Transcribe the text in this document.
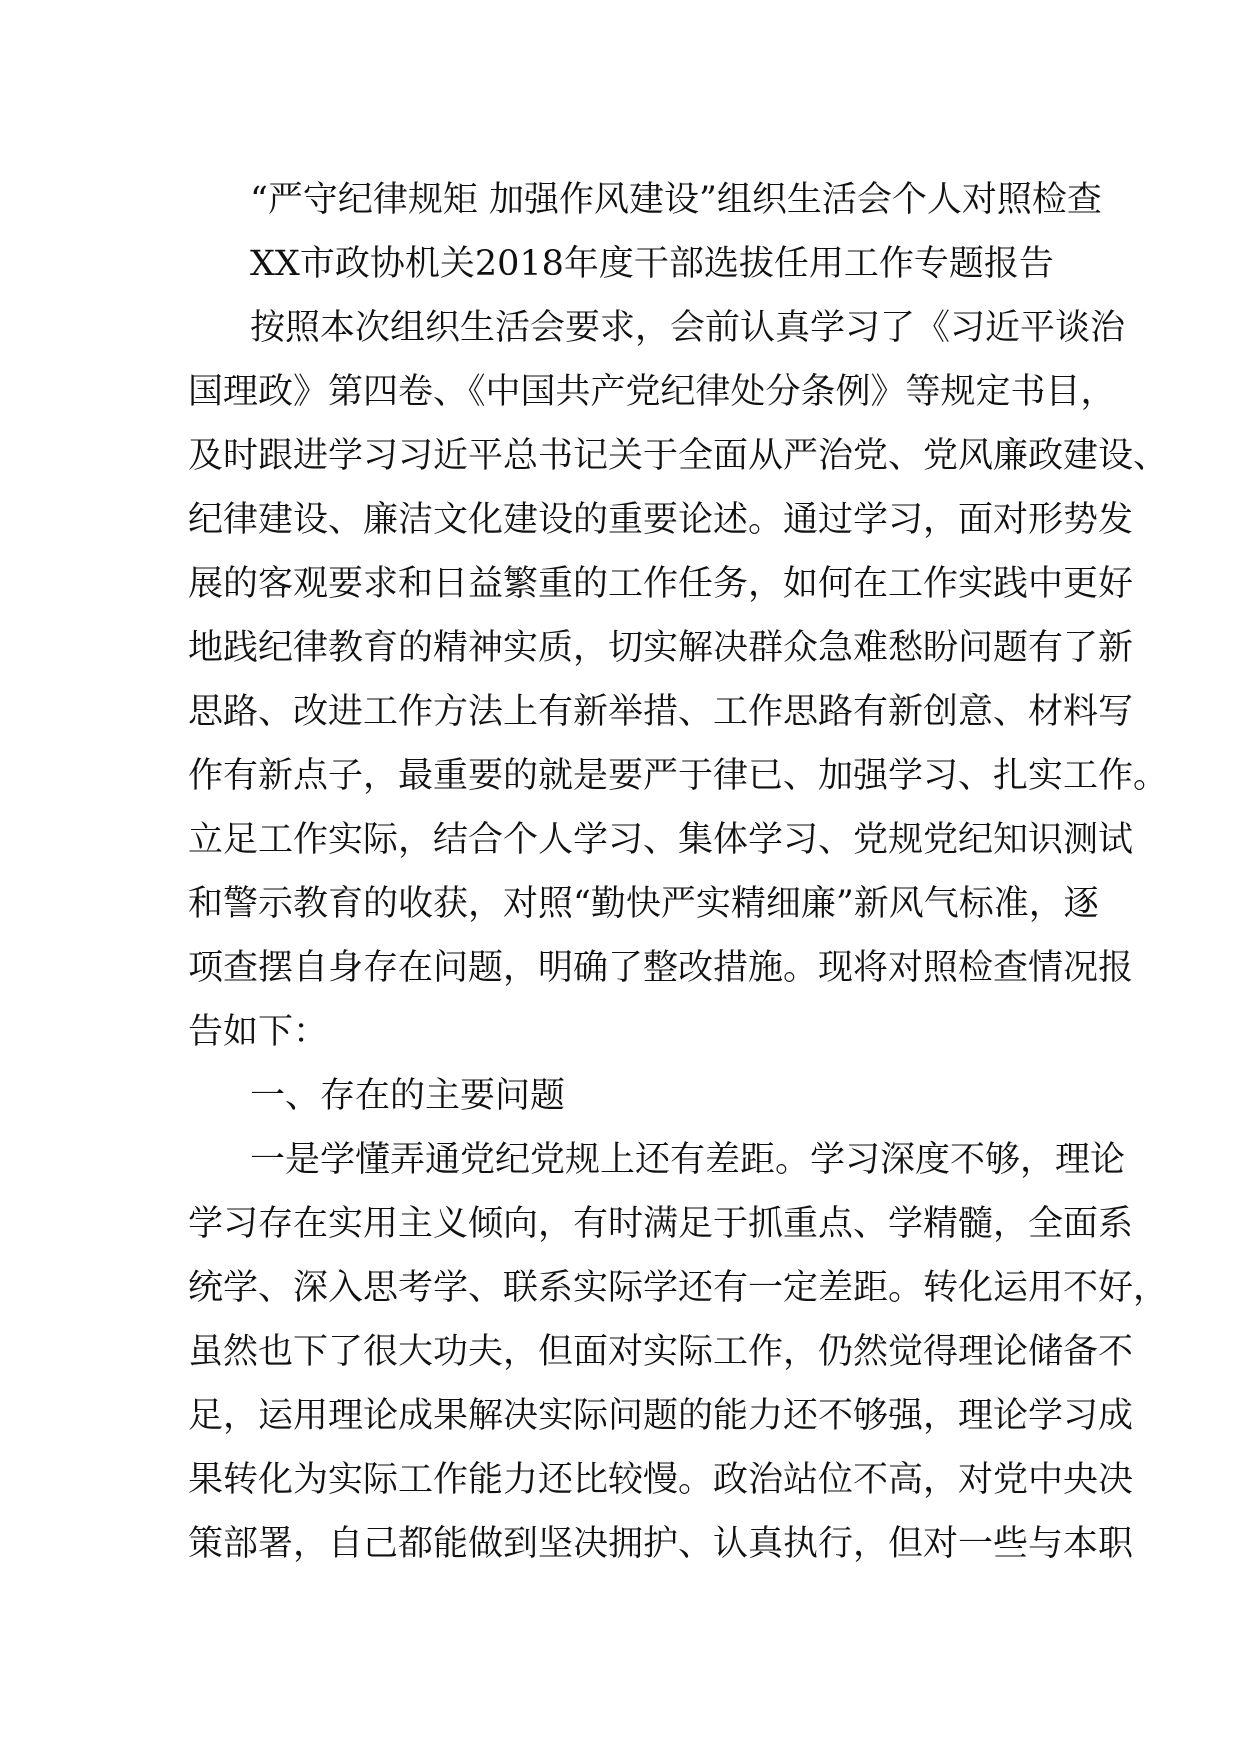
“严守纪律规矩 加强作风建设”组织生活会个人对照检查
XX市政协机关2018年度干部选拔任用工作专题报告
按照本次组织生活会要求，会前认真学习了《习近平谈治
国理政》第四卷、《中国共产党纪律处分条例》等规定书目，
及时跟进学习习近平总书记关于全面从严治党、党风廉政建设、
纪律建设、廉洁文化建设的重要论述。通过学习，面对形势发
展的客观要求和日益繁重的工作任务，如何在工作实践中更好
地践纪律教育的精神实质，切实解决群众急难愁盼问题有了新
思路、改进工作方法上有新举措、工作思路有新创意、材料写
作有新点子，最重要的就是要严于律已、加强学习、扎实工作。
立足工作实际，结合个人学习、集体学习、党规党纪知识测试
和警示教育的收获，对照“勤快严实精细廉”新风气标准，逐
项查摆自身存在问题，明确了整改措施。现将对照检查情况报
告如下：
一、存在的主要问题
一是学懂弄通党纪党规上还有差距。学习深度不够，理论
学习存在实用主义倾向，有时满足于抓重点、学精髓，全面系
统学、深入思考学、联系实际学还有一定差距。转化运用不好，
虽然也下了很大功夫，但面对实际工作，仍然觉得理论储备不
足，运用理论成果解决实际问题的能力还不够强，理论学习成
果转化为实际工作能力还比较慢。政治站位不高，对党中央决
策部署，自己都能做到坚决拥护、认真执行，但对一些与本职
